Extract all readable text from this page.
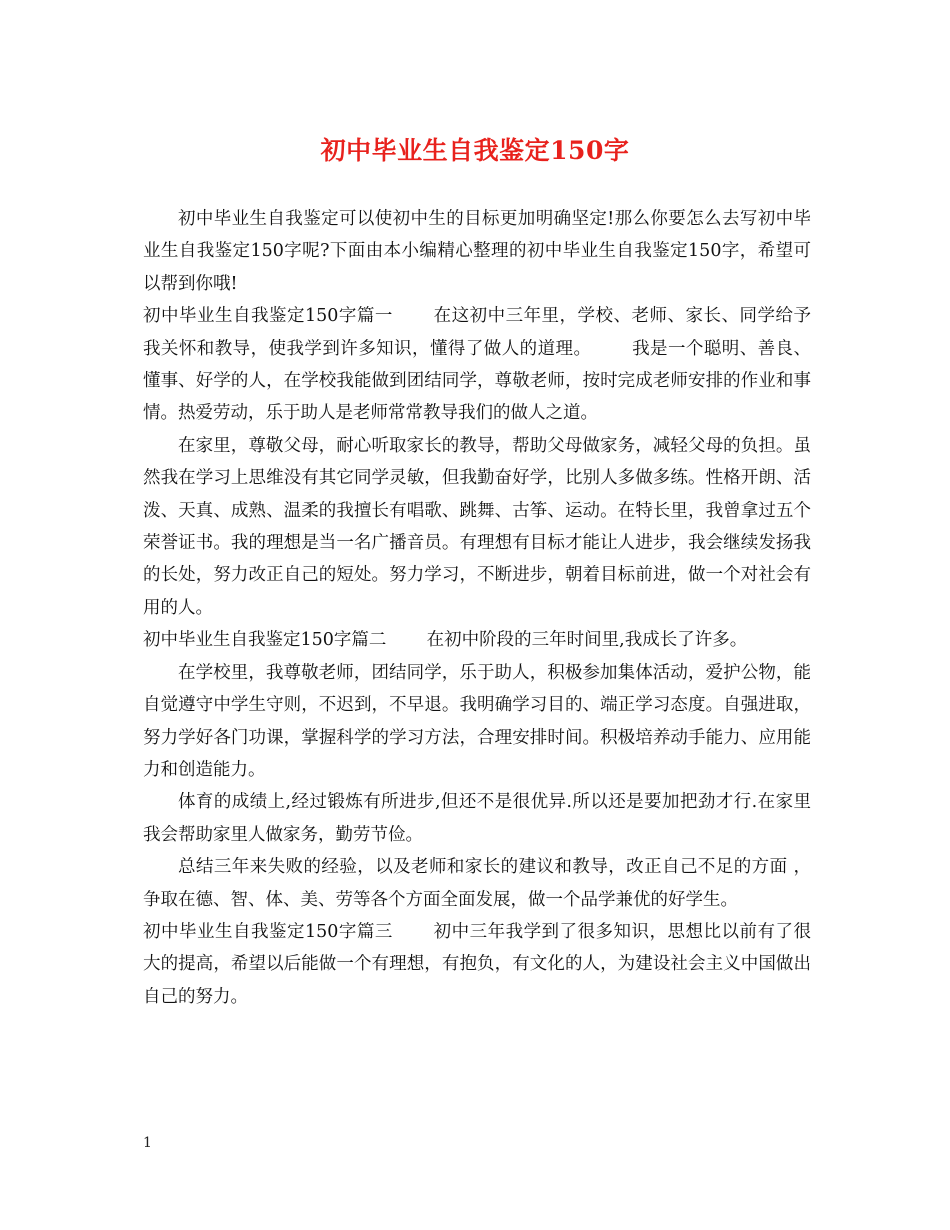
初中毕业生自我鉴定150字

初中毕业生自我鉴定可以使初中生的目标更加明确坚定!那么你要怎么去写初中毕业生自我鉴定150字呢?下面由本小编精心整理的初中毕业生自我鉴定150字，希望可以帮到你哦!

初中毕业生自我鉴定150字篇一 在这初中三年里，学校、老师、家长、同学给予我关怀和教导，使我学到许多知识，懂得了做人的道理。 我是一个聪明、善良、懂事、好学的人，在学校我能做到团结同学，尊敬老师，按时完成老师安排的作业和事情。热爱劳动，乐于助人是老师常常教导我们的做人之道。

在家里，尊敬父母，耐心听取家长的教导，帮助父母做家务，减轻父母的负担。虽然我在学习上思维没有其它同学灵敏，但我勤奋好学，比别人多做多练。性格开朗、活泼、天真、成熟、温柔的我擅长有唱歌、跳舞、古筝、运动。在特长里，我曾拿过五个荣誉证书。我的理想是当一名广播音员。有理想有目标才能让人进步，我会继续发扬我的长处，努力改正自己的短处。努力学习，不断进步，朝着目标前进，做一个对社会有用的人。

初中毕业生自我鉴定150字篇二 在初中阶段的三年时间里,我成长了许多。

在学校里，我尊敬老师，团结同学，乐于助人，积极参加集体活动，爱护公物，能自觉遵守中学生守则，不迟到，不早退。我明确学习目的、端正学习态度。自强进取，努力学好各门功课，掌握科学的学习方法，合理安排时间。积极培养动手能力、应用能力和创造能力。

体育的成绩上,经过锻炼有所进步,但还不是很优异.所以还是要加把劲才行.在家里我会帮助家里人做家务，勤劳节俭。

总结三年来失败的经验，以及老师和家长的建议和教导，改正自己不足的方面 ，争取在德、智、体、美、劳等各个方面全面发展，做一个品学兼优的好学生。

初中毕业生自我鉴定150字篇三 初中三年我学到了很多知识，思想比以前有了很大的提高，希望以后能做一个有理想，有抱负，有文化的人，为建设社会主义中国做出自己的努力。

1
